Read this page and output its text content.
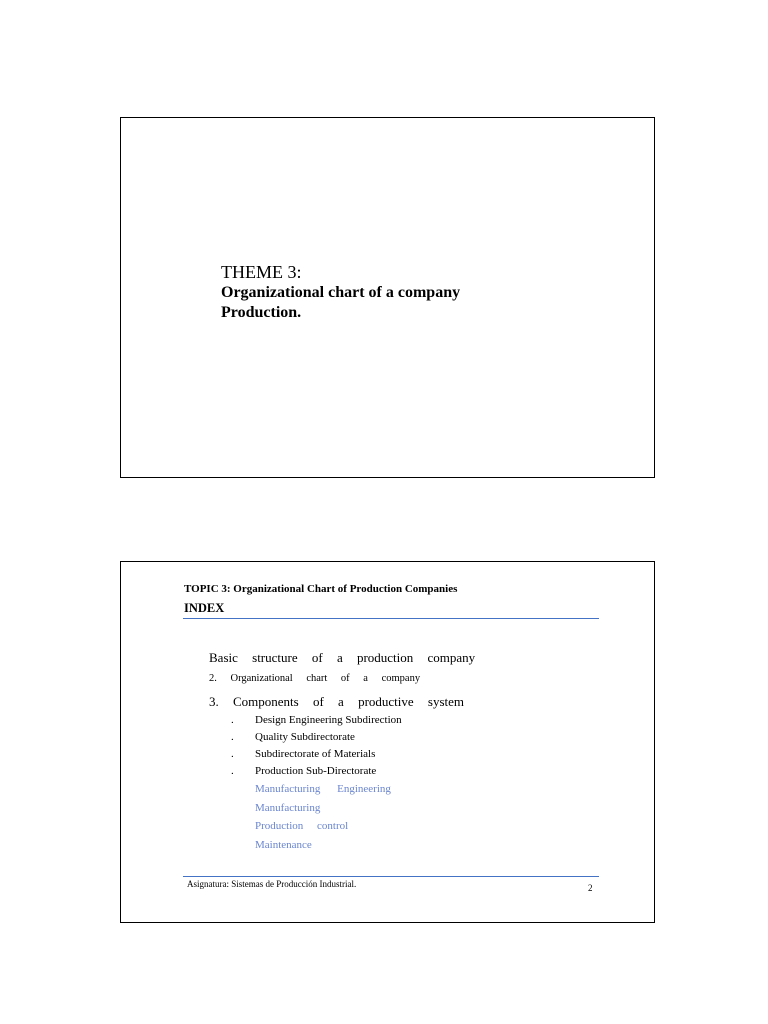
THEME 3:
Organizational chart of a company
Production.
TOPIC 3: Organizational Chart of Production Companies
INDEX
Basic structure of a production company
2. Organizational chart of a company
3. Components of a productive system
. Design Engineering Subdirection
. Quality Subdirectorate
. Subdirectorate of Materials
. Production Sub-Directorate
Manufacturing Engineering
Manufacturing
Production control
Maintenance
Asignatura: Sistemas de Producción Industrial.	2
